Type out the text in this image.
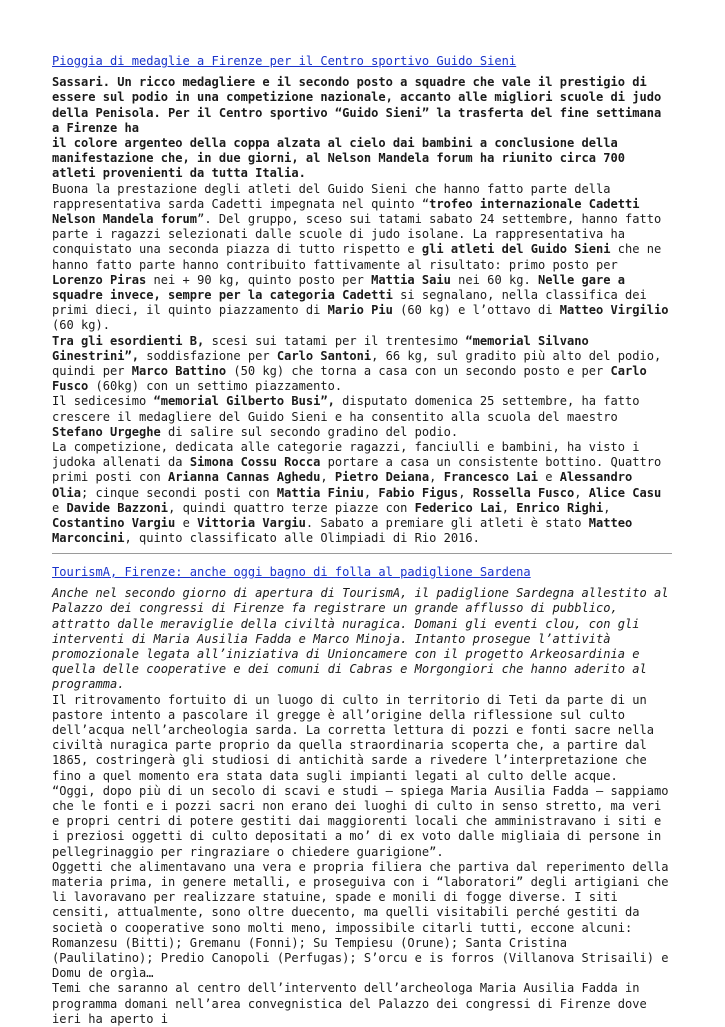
Pioggia di medaglie a Firenze per il Centro sportivo Guido Sieni

Sassari. Un ricco medagliere e il secondo posto a squadre che vale il prestigio di essere sul podio in una competizione nazionale, accanto alle migliori scuole di judo della Penisola. Per il Centro sportivo “Guido Sieni” la trasferta del fine settimana a Firenze ha
il colore argenteo della coppa alzata al cielo dai bambini a conclusione della manifestazione che, in due giorni, al Nelson Mandela forum ha riunito circa 700 atleti provenienti da tutta Italia.

Buona la prestazione degli atleti del Guido Sieni che hanno fatto parte della rappresentativa sarda Cadetti impegnata nel quinto “trofeo internazionale Cadetti Nelson Mandela forum”. Del gruppo, sceso sui tatami sabato 24 settembre, hanno fatto parte i ragazzi selezionati dalle scuole di judo isolane. La rappresentativa ha conquistato una seconda piazza di tutto rispetto e gli atleti del Guido Sieni che ne hanno fatto parte hanno contribuito fattivamente al risultato: primo posto per Lorenzo Piras nei + 90 kg, quinto posto per Mattia Saiu nei 60 kg. Nelle gare a squadre invece, sempre per la categoria Cadetti si segnalano, nella classifica dei primi dieci, il quinto piazzamento di Mario Piu (60 kg) e l’ottavo di Matteo Virgilio (60 kg).

Tra gli esordienti B, scesi sui tatami per il trentesimo “memorial Silvano
Ginestrini”, soddisfazione per Carlo Santoni, 66 kg, sul gradito più alto del podio, quindi per Marco Battino (50 kg) che torna a casa con un secondo posto e per Carlo Fusco (60kg) con un settimo piazzamento.

Il sedicesimo “memorial Gilberto Busi”, disputato domenica 25 settembre, ha fatto crescere il medagliere del Guido Sieni e ha consentito alla scuola del maestro Stefano Urgeghe di salire sul secondo gradino del podio.

La competizione, dedicata alle categorie ragazzi, fanciulli e bambini, ha visto i judoka allenati da Simona Cossu Rocca portare a casa un consistente bottino. Quattro primi posti con Arianna Cannas Aghedu, Pietro Deiana, Francesco Lai e Alessandro Olia; cinque secondi posti con Mattia Finiu, Fabio Figus, Rossella Fusco, Alice Casu e Davide Bazzoni, quindi quattro terze piazze con Federico Lai, Enrico Righi, Costantino Vargiu e Vittoria Vargiu. Sabato a premiare gli atleti è stato Matteo Marconcini, quinto classificato alle Olimpiadi di Rio 2016.

TourismA, Firenze: anche oggi bagno di folla al padiglione Sardena

Anche nel secondo giorno di apertura di TourismA, il padiglione Sardegna allestito al Palazzo dei congressi di Firenze fa registrare un grande afflusso di pubblico, attratto dalle meraviglie della civiltà nuragica. Domani gli eventi clou, con gli interventi di Maria Ausilia Fadda e Marco Minoja. Intanto prosegue l’attività promozionale legata all’iniziativa di Unioncamere con il progetto Arkeosardinia e quella delle cooperative e dei comuni di Cabras e Morgongiori che hanno aderito al programma.

Il ritrovamento fortuito di un luogo di culto in territorio di Teti da parte di un pastore intento a pascolare il gregge è all’origine della riflessione sul culto dell’acqua nell’archeologia sarda. La corretta lettura di pozzi e fonti sacre nella civiltà nuragica parte proprio da quella straordinaria scoperta che, a partire dal 1865, costringerà gli studiosi di antichità sarde a rivedere l’interpretazione che fino a quel momento era stata data sugli impianti legati al culto delle acque.

“Oggi, dopo più di un secolo di scavi e studi – spiega Maria Ausilia Fadda – sappiamo che le fonti e i pozzi sacri non erano dei luoghi di culto in senso stretto, ma veri e propri centri di potere gestiti dai maggiorenti locali che amministravano i siti e i preziosi oggetti di culto depositati a mo’ di ex voto dalle migliaia di persone in pellegrinaggio per ringraziare o chiedere guarigione”.

Oggetti che alimentavano una vera e propria filiera che partiva dal reperimento della materia prima, in genere metalli, e proseguiva con i “laboratori” degli artigiani che li lavoravano per realizzare statuine, spade e monili di fogge diverse. I siti censiti, attualmente, sono oltre duecento, ma quelli visitabili perché gestiti da società o cooperative sono molti meno, impossibile citarli tutti, eccone alcuni: Romanzesu (Bitti); Gremanu (Fonni); Su Tempiesu (Orune); Santa Cristina (Paulilatino); Predio Canopoli (Perfugas); S’orcu e is forros (Villanova Strisaili) e Domu de orgìa…

Temi che saranno al centro dell’intervento dell’archeologa Maria Ausilia Fadda in programma domani nell’area convegnistica del Palazzo dei congressi di Firenze dove ieri ha aperto i
